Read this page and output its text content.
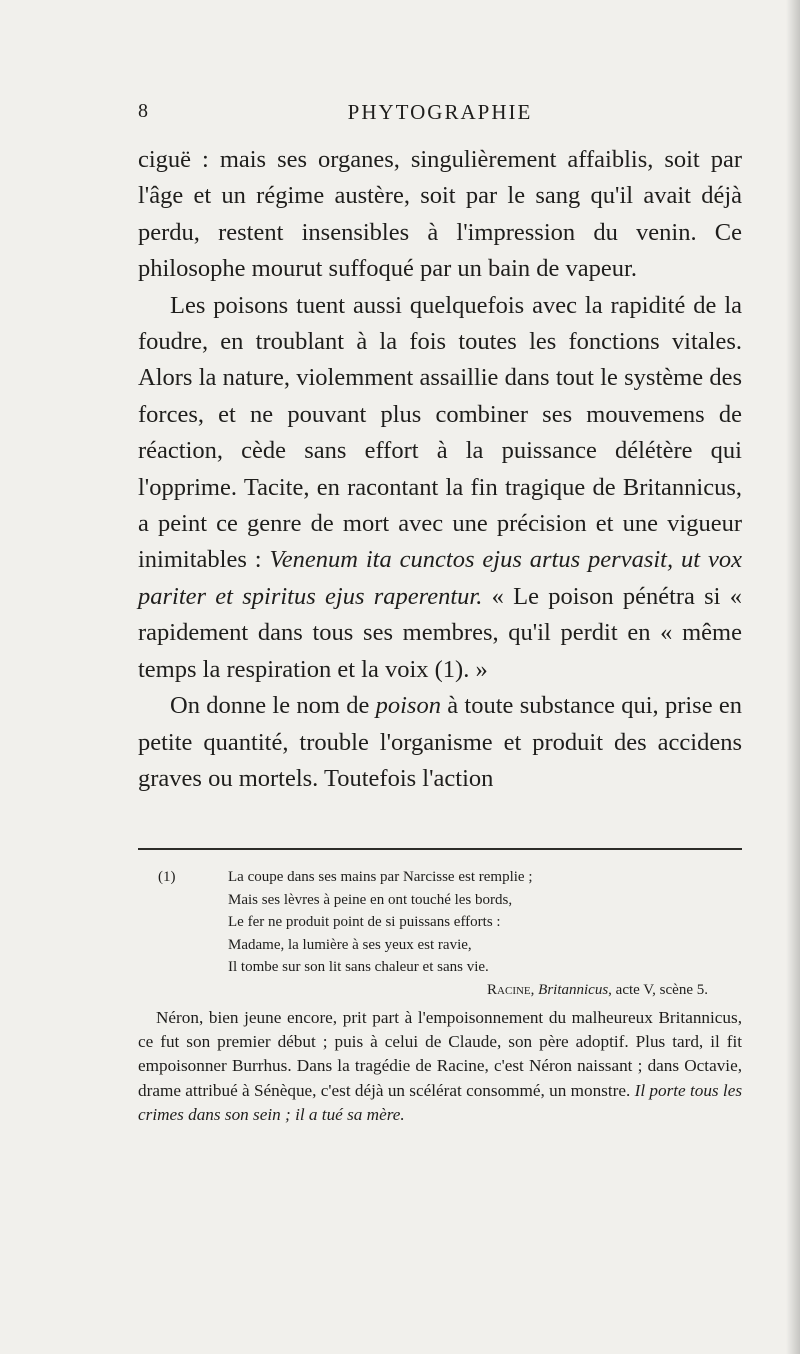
8	PHYTOGRAPHIE

ciguë : mais ses organes, singulièrement affaiblis, soit par l'âge et un régime austère, soit par le sang qu'il avait déjà perdu, restent insensibles à l'impression du venin. Ce philosophe mourut suffoqué par un bain de vapeur.

Les poisons tuent aussi quelquefois avec la rapidité de la foudre, en troublant à la fois toutes les fonctions vitales. Alors la nature, violemment assaillie dans tout le système des forces, et ne pouvant plus combiner ses mouvemens de réaction, cède sans effort à la puissance délétère qui l'opprime. Tacite, en racontant la fin tragique de Britannicus, a peint ce genre de mort avec une précision et une vigueur inimitables : Venenum ita cunctos ejus artus pervasit, ut vox pariter et spiritus ejus raperentur. « Le poison pénétra si « rapidement dans tous ses membres, qu'il perdit en « même temps la respiration et la voix (1). »

On donne le nom de poison à toute substance qui, prise en petite quantité, trouble l'organisme et produit des accidens graves ou mortels. Toutefois l'action

(1)	La coupe dans ses mains par Narcisse est remplie ;
Mais ses lèvres à peine en ont touché les bords,
Le fer ne produit point de si puissans efforts :
Madame, la lumière à ses yeux est ravie,
Il tombe sur son lit sans chaleur et sans vie.
Racine, Britannicus, acte V, scène 5.

Néron, bien jeune encore, prit part à l'empoisonnement du malheureux Britannicus, ce fut son premier début ; puis à celui de Claude, son père adoptif. Plus tard, il fit empoisonner Burrhus. Dans la tragédie de Racine, c'est Néron naissant ; dans Octavie, drame attribué à Sénèque, c'est déjà un scélérat consommé, un monstre. Il porte tous les crimes dans son sein ; il a tué sa mère.
